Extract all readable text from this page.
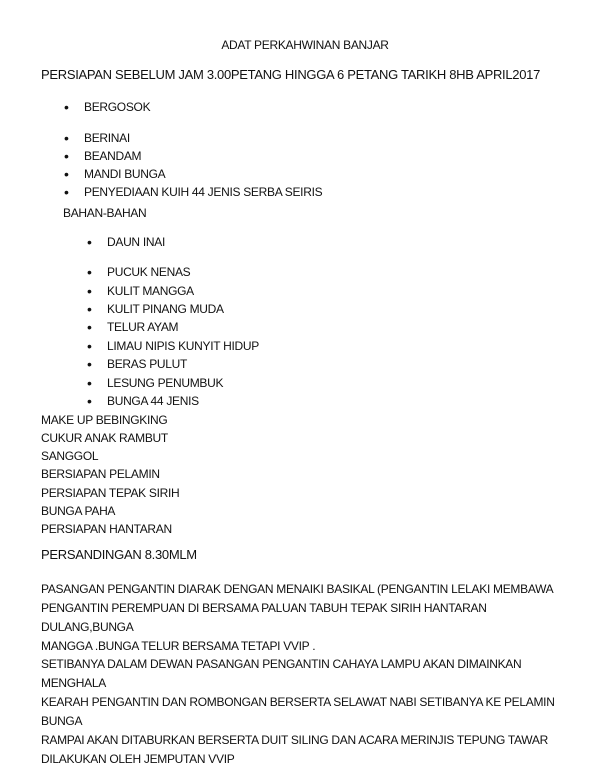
ADAT PERKAHWINAN BANJAR
PERSIAPAN SEBELUM JAM 3.00PETANG HINGGA 6 PETANG TARIKH 8HB APRIL2017
• BERGOSOK
• BERINAI
• BEANDAM
• MANDI BUNGA
• PENYEDIAAN KUIH 44 JENIS SERBA SEIRIS
BAHAN-BAHAN
• DAUN INAI
• PUCUK NENAS
• KULIT MANGGA
• KULIT PINANG MUDA
• TELUR AYAM
• LIMAU NIPIS KUNYIT HIDUP
• BERAS PULUT
• LESUNG PENUMBUK
• BUNGA 44 JENIS
MAKE UP BEBINGKING
CUKUR ANAK RAMBUT
SANGGOL
BERSIAPAN PELAMIN
PERSIAPAN TEPAK SIRIH
BUNGA PAHA
PERSIAPAN HANTARAN
PERSANDINGAN 8.30MLM
PASANGAN PENGANTIN DIARAK DENGAN MENAIKI BASIKAL (PENGANTIN LELAKI MEMBAWA
PENGANTIN PEREMPUAN DI BERSAMA PALUAN TABUH TEPAK SIRIH HANTARAN DULANG,BUNGA
MANGGA .BUNGA TELUR BERSAMA TETAPI VVIP .
SETIBANYA DALAM DEWAN PASANGAN PENGANTIN CAHAYA LAMPU AKAN DIMAINKAN MENGHALA
KEARAH PENGANTIN DAN ROMBONGAN BERSERTA SELAWAT NABI SETIBANYA KE PELAMIN BUNGA
RAMPAI AKAN DITABURKAN BERSERTA DUIT SILING DAN ACARA MERINJIS TEPUNG TAWAR
DILAKUKAN OLEH JEMPUTAN VVIP
